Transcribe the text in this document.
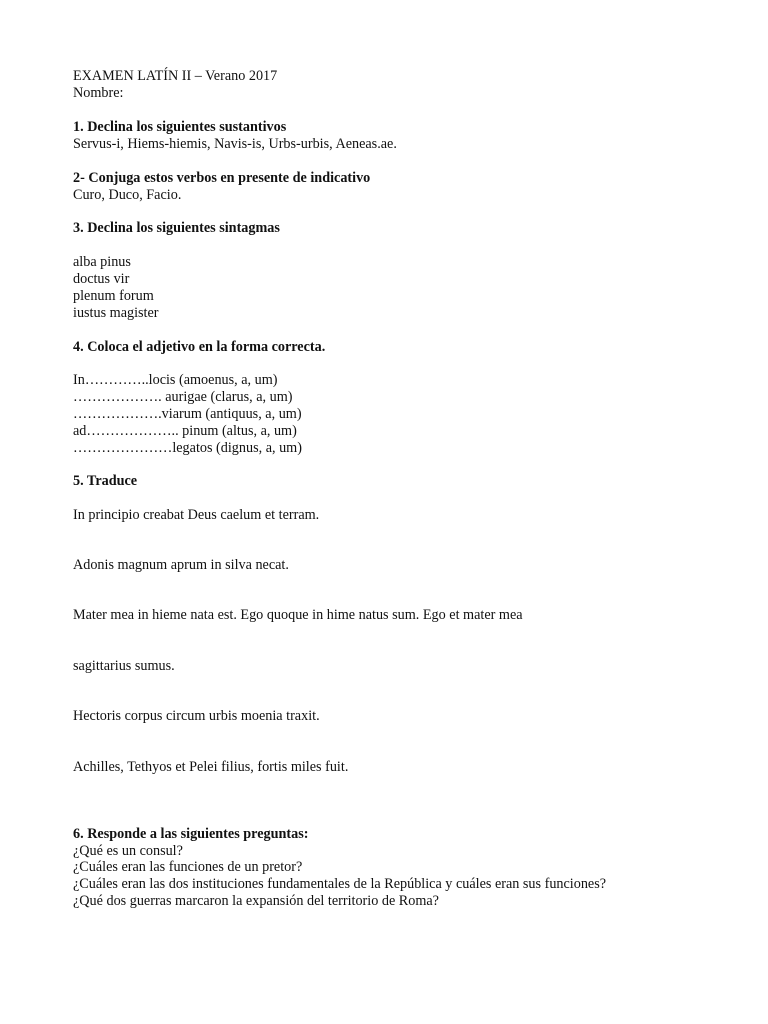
EXAMEN LATÍN II – Verano 2017
Nombre:
1. Declina los siguientes sustantivos
Servus-i, Hiems-hiemis, Navis-is, Urbs-urbis, Aeneas.ae.
2- Conjuga estos verbos en presente de indicativo
Curo, Duco, Facio.
3. Declina los siguientes sintagmas
alba pinus
doctus vir
plenum forum
iustus magister
4. Coloca el adjetivo en la forma correcta.
In…………..locis (amoenus, a, um)
………………. aurigae (clarus, a, um)
……………….viarum (antiquus, a, um)
ad……………….. pinum (altus, a, um)
…………………legatos (dignus, a, um)
5. Traduce
In principio creabat Deus caelum et terram.
Adonis magnum aprum in silva necat.
Mater mea in hieme nata est. Ego quoque in hime natus sum. Ego et mater mea
sagittarius sumus.
Hectoris corpus circum urbis moenia traxit.
Achilles, Tethyos et Pelei filius, fortis miles fuit.
6. Responde a las siguientes preguntas:
¿Qué es un consul?
¿Cuáles eran las funciones de un pretor?
¿Cuáles eran las dos instituciones fundamentales de la República y cuáles eran sus funciones?
¿Qué dos guerras marcaron la expansión del territorio de Roma?
